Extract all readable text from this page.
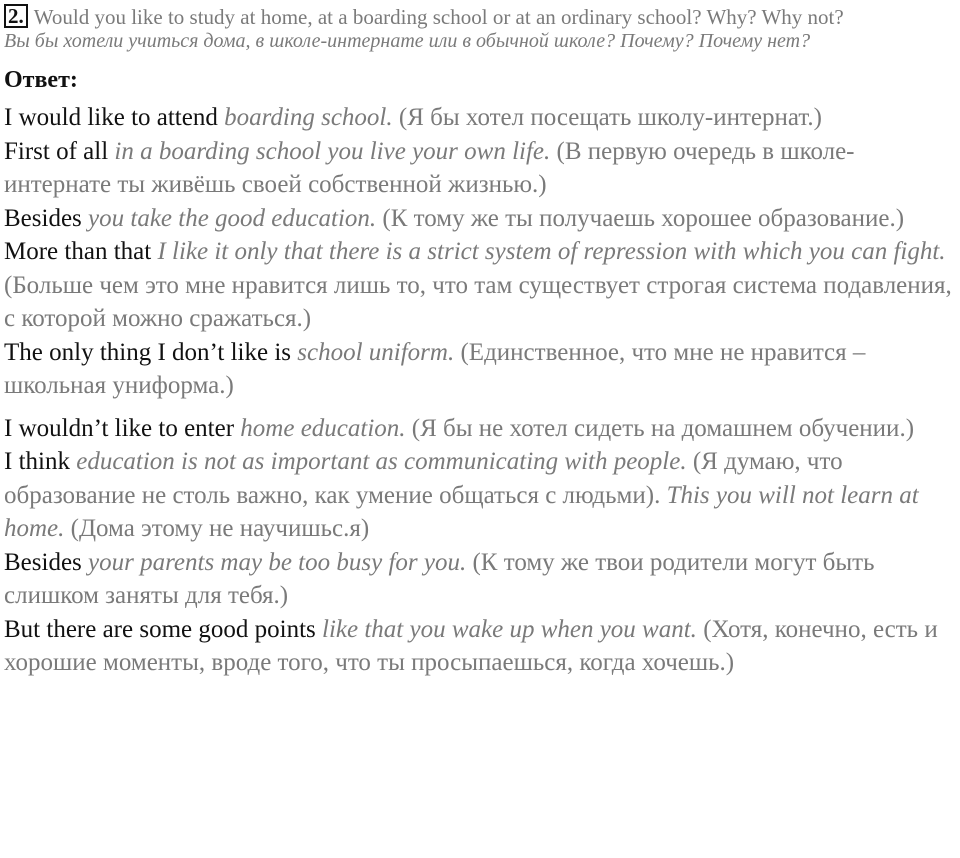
2. Would you like to study at home, at a boarding school or at an ordinary school? Why? Why not?

Вы бы хотели учиться дома, в школе-интернате или в обычной школе? Почему? Почему нет?

Ответ:

I would like to attend boarding school. (Я бы хотел посещать школу-интернат.)

First of all in a boarding school you live your own life. (В первую очередь в школе-интернате ты живёшь своей собственной жизнью.)

Besides you take the good education. (К тому же ты получаешь хорошее образование.)

More than that I like it only that there is a strict system of repression with which you can fight. (Больше чем это мне нравится лишь то, что там существует строгая система подавления, с которой можно сражаться.)

The only thing I don’t like is school uniform. (Единственное, что мне не нравится – школьная униформа.)

I wouldn’t like to enter home education. (Я бы не хотел сидеть на домашнем обучении.)

I think education is not as important as communicating with people. (Я думаю, что образование не столь важно, как умение общаться с людьми). This you will not learn at home. (Дома этому не научишьс.я)

Besides your parents may be too busy for you. (К тому же твои родители могут быть слишком заняты для тебя.)

But there are some good points like that you wake up when you want. (Хотя, конечно, есть и хорошие моменты, вроде того, что ты просыпаешься, когда хочешь.)
